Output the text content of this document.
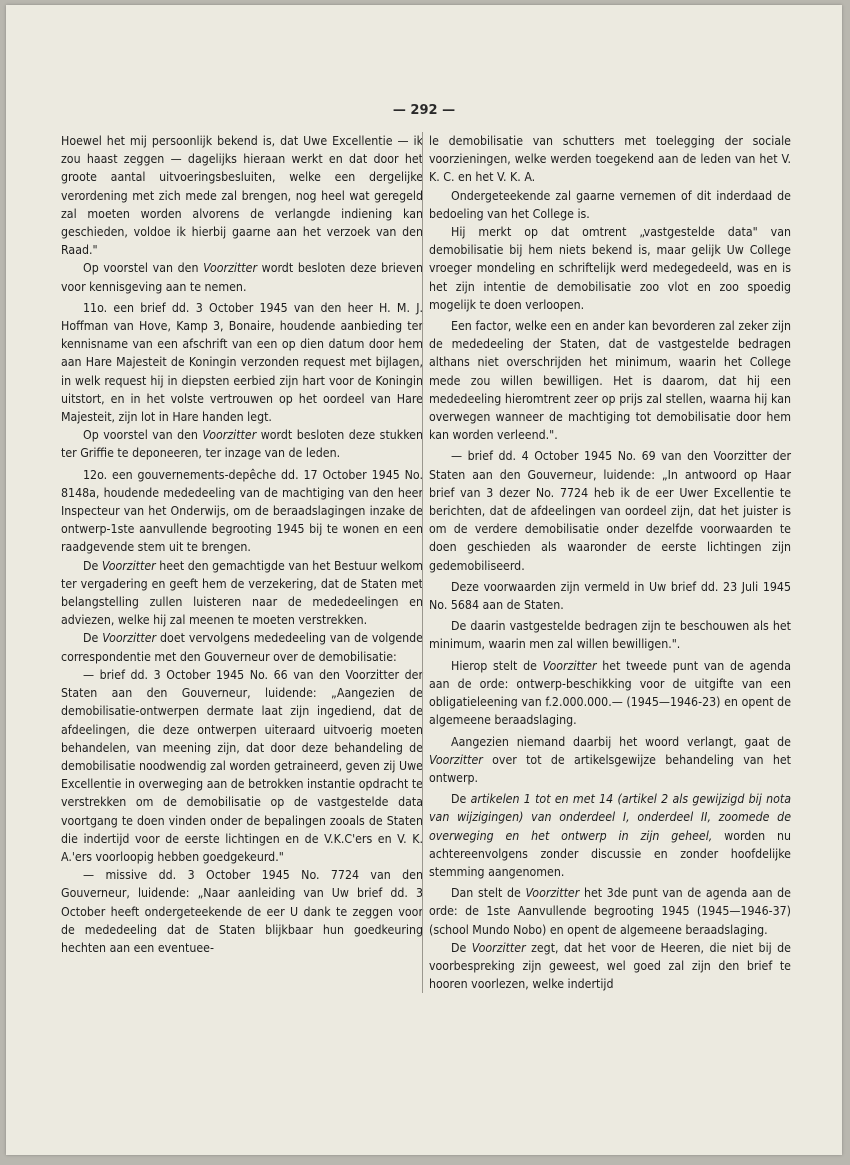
— 292 —

Hoewel het mij persoonlijk bekend is, dat Uwe Excellentie — ik zou haast zeggen — dagelijks hieraan werkt en dat door het groote aantal uitvoeringsbesluiten, welke een dergelijke verordening met zich mede zal brengen, nog heel wat geregeld zal moeten worden alvorens de verlangde indiening kan geschieden, voldoe ik hierbij gaarne aan het verzoek van den Raad."

Op voorstel van den Voorzitter wordt besloten deze brieven voor kennisgeving aan te nemen.

11o. een brief dd. 3 October 1945 van den heer H. M. J. Hoffman van Hove, Kamp 3, Bonaire, houdende aanbieding ter kennisname van een afschrift van een op dien datum door hem aan Hare Majesteit de Koningin verzonden request met bijlagen, in welk request hij in diepsten eerbied zijn hart voor de Koningin uitstort, en in het volste vertrouwen op het oordeel van Hare Majesteit, zijn lot in Hare handen legt.

Op voorstel van den Voorzitter wordt besloten deze stukken ter Griffie te deponeeren, ter inzage van de leden.

12o. een gouvernements-depêche dd. 17 October 1945 No. 8148a, houdende mededeeling van de machtiging van den heer Inspecteur van het Onderwijs, om de beraadslagingen inzake de ontwerp-1ste aanvullende begrooting 1945 bij te wonen en een raadgevende stem uit te brengen.

De Voorzitter heet den gemachtigde van het Bestuur welkom ter vergadering en geeft hem de verzekering, dat de Staten met belangstelling zullen luisteren naar de mededeelingen en adviezen, welke hij zal meenen te moeten verstrekken.

De Voorzitter doet vervolgens mededeeling van de volgende correspondentie met den Gouverneur over de demobilisatie:

— brief dd. 3 October 1945 No. 66 van den Voorzitter der Staten aan den Gouverneur, luidende: „Aangezien de demobilisatie-ontwerpen dermate laat zijn ingediend, dat de afdeelingen, die deze ontwerpen uiteraard uitvoerig moeten behandelen, van meening zijn, dat door deze behandeling de demobilisatie noodwendig zal worden getraineerd, geven zij Uwe Excellentie in overweging aan de betrokken instantie opdracht te verstrekken om de demobilisatie op de vastgestelde data voortgang te doen vinden onder de bepalingen zooals de Staten die indertijd voor de eerste lichtingen en de V.K.C'ers en V. K. A.'ers voorloopig hebben goedgekeurd."

— missive dd. 3 October 1945 No. 7724 van den Gouverneur, luidende: „Naar aanleiding van Uw brief dd. 3 October heeft ondergeteekende de eer U dank te zeggen voor de mededeeling dat de Staten blijkbaar hun goedkeuring hechten aan een eventuee-

le demobilisatie van schutters met toelegging der sociale voorzieningen, welke werden toegekend aan de leden van het V. K. C. en het V. K. A.

Ondergeteekende zal gaarne vernemen of dit inderdaad de bedoeling van het College is.

Hij merkt op dat omtrent „vastgestelde data" van demobilisatie bij hem niets bekend is, maar gelijk Uw College vroeger mondeling en schriftelijk werd medegedeeld, was en is het zijn intentie de demobilisatie zoo vlot en zoo spoedig mogelijk te doen verloopen.

Een factor, welke een en ander kan bevorderen zal zeker zijn de mededeeling der Staten, dat de vastgestelde bedragen althans niet overschrijden het minimum, waarin het College mede zou willen bewilligen. Het is daarom, dat hij een mededeeling hieromtrent zeer op prijs zal stellen, waarna hij kan overwegen wanneer de machtiging tot demobilisatie door hem kan worden verleend.".

— brief dd. 4 October 1945 No. 69 van den Voorzitter der Staten aan den Gouverneur, luidende: „In antwoord op Haar brief van 3 dezer No. 7724 heb ik de eer Uwer Excellentie te berichten, dat de afdeelingen van oordeel zijn, dat het juister is om de verdere demobilisatie onder dezelfde voorwaarden te doen geschieden als waaronder de eerste lichtingen zijn gedemobiliseerd.

Deze voorwaarden zijn vermeld in Uw brief dd. 23 Juli 1945 No. 5684 aan de Staten.

De daarin vastgestelde bedragen zijn te beschouwen als het minimum, waarin men zal willen bewilligen.".

Hierop stelt de Voorzitter het tweede punt van de agenda aan de orde: ontwerp-beschikking voor de uitgifte van een obligatieleening van f.2.000.000.— (1945—1946-23) en opent de algemeene beraadslaging.

Aangezien niemand daarbij het woord verlangt, gaat de Voorzitter over tot de artikelsgewijze behandeling van het ontwerp.

De artikelen 1 tot en met 14 (artikel 2 als gewijzigd bij nota van wijzigingen) van onderdeel I, onderdeel II, zoomede de overweging en het ontwerp in zijn geheel, worden nu achtereenvolgens zonder discussie en zonder hoofdelijke stemming aangenomen.

Dan stelt de Voorzitter het 3de punt van de agenda aan de orde: de 1ste Aanvullende begrooting 1945 (1945—1946-37) (school Mundo Nobo) en opent de algemeene beraadslaging.

De Voorzitter zegt, dat het voor de Heeren, die niet bij de voorbespreking zijn geweest, wel goed zal zijn den brief te hooren voorlezen, welke indertijd
